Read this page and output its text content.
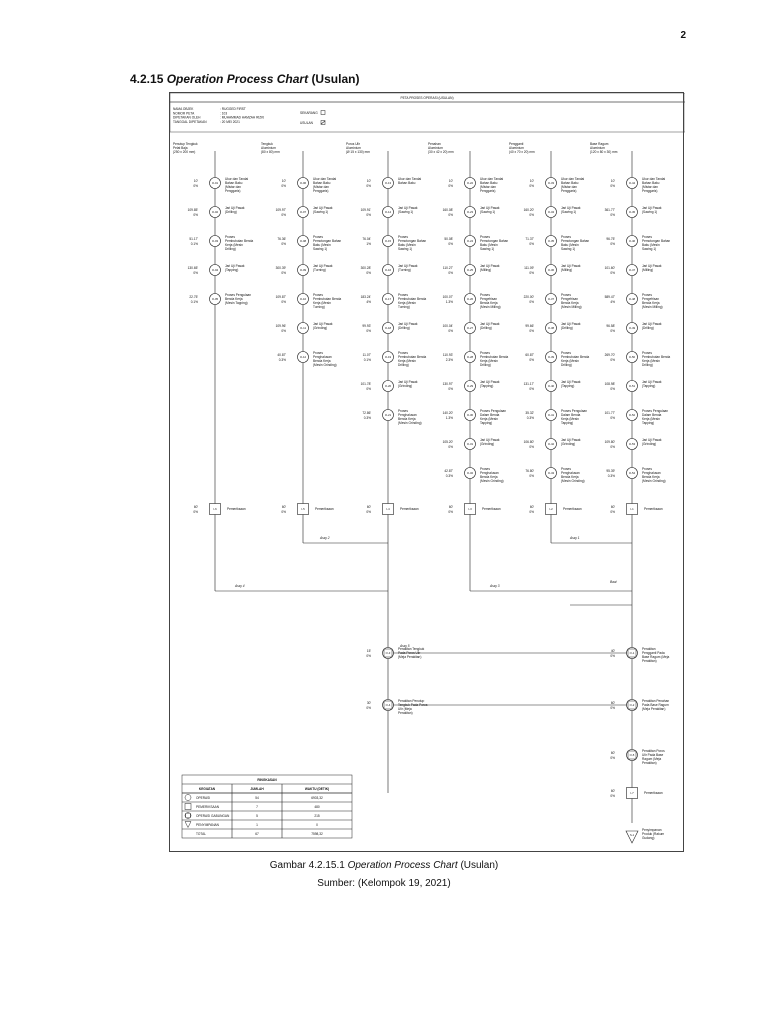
2
4.2.15 Operation Process Chart (Usulan)
PETA PROSES OPERASI (USULAN)
NAMA OBJEK	: RUGGED FIRST
NOMOR PETA	: 103
DIPETAKAN OLEH	: MUHAMMAD HAMZAH RIZKI
TANGGAL DIPETAKAN	: 20 MEI 2021
SEKARANG
USULAN
Penutup Tengkuk
Pelat Baja
(250 x 200 mm)
Tengkuk
Aluminium
(80 x 80) mm
Poros Ulir
Aluminium
(Ø 15 x 130) mm
Penahan
Aluminium
(30 x 42 x 20) mm
Pengganti
Aluminium
(40 x 70 x 20) mm
Base Ragum
Aluminium
(120 x 80 x 30) mm
O-01
10'
0%
Ukur dan Tandai
Bahan Baku
(Mistar dan
Penggaris)
O-02
109.85'
0%
Jari Uji Pasak
(Drilling)
O-03
51.17'
0.1%
Proses
Pembubutan Benda
Kerja (Mesin
Drilling)
O-04
130.65'
0%
Jari Uji Pasak
(Tapping)
O-05
22.75'
0.1%
Proses Pengulaan
Benda Kerja
(Mesin Tapping)
O-06
10'
0%
Ukur dan Tandai
Bahan Baku
(Mistar dan
Penggaris)
O-07
109.97'
0%
Jari Uji Pasak
(Sawing 1)
O-08
76.36'
0%
Proses
Pemotongan Bahan
Baku (Mesin
Sawing 1)
O-09
300.39'
0%
Jari Uji Pasak
(Turning)
O-10
109.87'
0%
Proses
Pembubutan Benda
Kerja (Mesin
Turning)
O-11
109.96'
0%
Jari Uji Pasak
(Grinding)
O-12
40.87'
0.3%
Proses
Penghalusan
Benda Kerja
(Mesin Grinding)
O-13
10'
0%
Ukur dan Tandai
Bahan Baku
O-14
109.91'
0%
Jari Uji Pasak
(Sawing 1)
O-15
76.04'
1%
Proses
Pemotongan Bahan
Baku (Mesin
Sawing 1)
O-16
300.28'
0%
Jari Uji Pasak
(Turning)
O-17
183.24'
4%
Proses
Pembubutan Benda
Kerja (Mesin
Turning)
O-18
99.93'
0%
Jari Uji Pasak
(Drilling)
O-19
11.07'
0.1%
Proses
Pembubutan Benda
Kerja (Mesin
Drilling)
O-20
101.78'
0%
Jari Uji Pasak
(Grinding)
O-21
72.86'
0.3%
Proses
Penghalusan
Benda Kerja
(Mesin Grinding)
O-22
10'
0%
Ukur dan Tandai
Bahan Baku
(Mistar dan
Penggaris)
O-23
160.08'
0%
Jari Uji Pasak
(Sawing 1)
O-24
50.08'
0%
Proses
Pemotongan Bahan
Baku (Mesin
Sawing 1)
O-25
110.27'
0%
Jari Uji Pasak
(Milling)
O-26
100.07'
1.3%
Proses
Pengefrisan
Benda Kerja
(Mesin Milling)
O-27
100.04'
0%
Jari Uji Pasak
(Drilling)
O-28
110.93'
2.3%
Proses
Pembubutan Benda
Kerja (Mesin
Drilling)
O-29
130.97'
0%
Jari Uji Pasak
(Tapping)
O-30
140.20'
1.3%
Proses Pengulaan
Dalam Benda
Kerja (Mesin
Tapping)
O-31
105.20'
0%
Jari Uji Pasak
(Grinding)
O-32
42.87'
0.3%
Proses
Penghalusan
Benda Kerja
(Mesin Grinding)
O-33
10'
0%
Ukur dan Tandai
Bahan Baku
(Mistar dan
Penggaris)
O-34
160.20'
0%
Jari Uji Pasak
(Sawing 1)
O-35
71.37'
0%
Proses
Pemotongan Bahan
Baku (Mesin
Sawing 1)
O-36
111.09'
0%
Jari Uji Pasak
(Milling)
O-37
220.00'
0%
Proses
Pengefrisan
Benda Kerja
(Mesin Milling)
O-38
99.66'
0%
Jari Uji Pasak
(Drilling)
O-39
60.87'
0%
Proses
Pembubutan Benda
Kerja (Mesin
Drilling)
O-40
131.17'
0%
Jari Uji Pasak
(Tapping)
O-41
35.32'
0.3%
Proses Pengulaan
Dalam Benda
Kerja (Mesin
Tapping)
O-42
106.80'
0%
Jari Uji Pasak
(Grinding)
O-43
76.80'
0%
Proses
Penghalusan
Benda Kerja
(Mesin Grinding)
O-44
10'
0%
Ukur dan Tandai
Bahan Baku
(Mistar dan
Penggaris)
O-45
361.77'
0%
Jari Uji Pasak
(Sawing 1)
O-46
96.75'
0%
Proses
Pemotongan Bahan
Baku (Mesin
Sawing 1)
O-47
101.60'
0%
Jari Uji Pasak
(Milling)
O-48
589.47'
4%
Proses
Pengefrisan
Benda Kerja
(Mesin Milling)
O-49
96.58'
0%
Jari Uji Pasak
(Drilling)
O-50
269.70'
0%
Proses
Pembubutan Benda
Kerja (Mesin
Drilling)
O-51
108.98'
0%
Jari Uji Pasak
(Tapping)
O-52
101.77'
0%
Proses Pengulaan
Dalam Benda
Kerja (Mesin
Tapping)
O-53
109.80'
0%
Jari Uji Pasak
(Grinding)
O-54
95.39'
0.3%
Proses
Penghalusan
Benda Kerja
(Mesin Grinding)
I-6
60'
0%
Pemeriksaan	I-5
60'
0%
Pemeriksaan	I-4
60'
0%
Pemeriksaan	I-3
60'
0%
Pemeriksaan	I-2
60'
0%
Pemeriksaan	I-1
60'
0%
Pemeriksaan
Assy 1
Assy 2
Assy 3
Assy 4
Assy 5
Baut
O-1
40'
0%
Perakitan
Pengganti Pada
Base Ragum (Meja
Perakitan)
O-2
60'
0%
Perakitan Penahan
Pada Base Ragum
(Meja Perakitan)
O-3
15'
0%
Perakitan Tengkuk
Pada Poros Ulir
(Meja Perakitan)
O-4
30'
0%
Perakitan Penutup
Tengkuk Pada Poros
Ulir (Meja
Perakitan)
O-5
60'
0%
Perakitan Poros
Ulir Pada Base
Ragum (Meja
Perakitan)
I-7
60'
0%
Pemeriksaan
S-1
Penyimpanan
Produk (Rakum
Gudang)
RINGKASAN
KEGIATAN	JUMLAH	WAKTU (DETIK)
OPERASI	54	6903,32
PEMERIKSAAN	7	480
OPERASI GABUNGAN	5	215
PENYIMPANAN	1	0
TOTAL	67	7598,32
Gambar 4.2.15.1 Operation Process Chart (Usulan)
Sumber: (Kelompok 19, 2021)
